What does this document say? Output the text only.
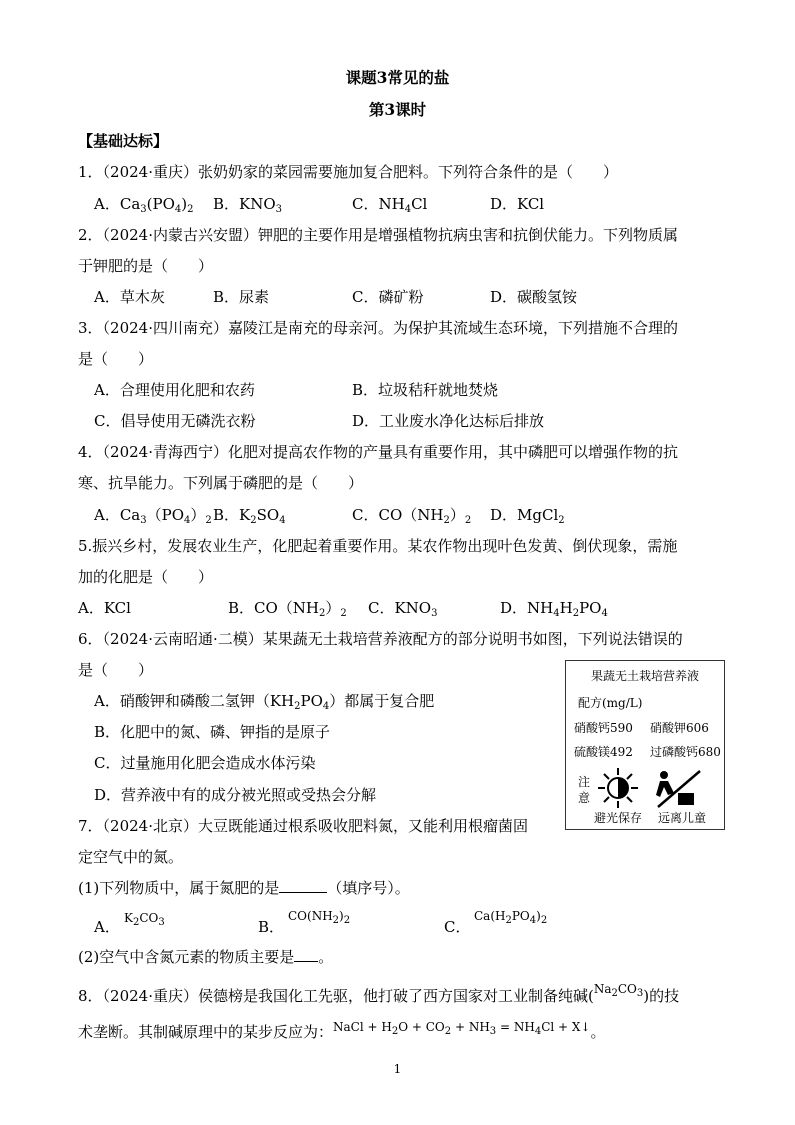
课题3常见的盐
第3课时
【基础达标】
1．（2024·重庆）张奶奶家的菜园需要施加复合肥料。下列符合条件的是（　　）
A．$Ca_3(PO_4)_2$ B．$KNO_3$	C．$NH_4Cl$	D．KCl
2．（2024·内蒙古兴安盟）钾肥的主要作用是增强植物抗病虫害和抗倒伏能力。下列物质属
于钾肥的是（　　）
A．草木灰	B．尿素	C．磷矿粉	D．碳酸氢铵
3．（2024·四川南充）嘉陵江是南充的母亲河。为保护其流域生态环境，下列措施不合理的
是（　　）
A．合理使用化肥和农药	B．垃圾秸秆就地焚烧
C．倡导使用无磷洗衣粉	D．工业废水净化达标后排放
4．（2024·青海西宁）化肥对提高农作物的产量具有重要作用，其中磷肥可以增强作物的抗
寒、抗旱能力。下列属于磷肥的是（　　）
A．$Ca_3(PO_4)_2$ B．$K_2SO_4$	C．$CO(NH_2)_2$ D．MgCl$_2$
5.振兴乡村，发展农业生产，化肥起着重要作用。某农作物出现叶色发黄、倒伏现象，需施
加的化肥是（　　）
A．KCl	B．$CO(NH_2)_2$ C．$KNO_3$	D．$NH_4H_2PO_4$
6．（2024·云南昭通·二模）某果蔬无土栽培营养液配方的部分说明书如图，下列说法错误的
是（　　）
A．硝酸钾和磷酸二氢钾$(KH_2PO_4)$都属于复合肥
B．化肥中的氮、磷、钾指的是原子
C．过量施用化肥会造成水体污染
D．营养液中有的成分被光照或受热会分解
果蔬无土栽培营养液
配方(mg/L)
硝酸钙590 硝酸钾606
硫酸镁492 过磷酸钙680
注
意
避光保存 远离儿童
7．（2024·北京）大豆既能通过根系吸收肥料氮，又能利用根瘤菌固
定空气中的氮。
(1)下列物质中，属于氮肥的是	（填序号）。
A． $K_2CO_3$	B．
$CO(NH_2)_2$	C．
$Ca(H_2PO_4)_2$
(2)空气中含氮元素的物质主要是 。
8．（2024·重庆）侯德榜是我国化工先驱，他打破了西方国家对工业制备纯碱($^{Na_2CO_3}$)的技
术垄断。其制碱原理中的某步反应为：$^{NaCl + H_2O + CO_2 + NH_3 = NH_4Cl + X↓}$。
1
